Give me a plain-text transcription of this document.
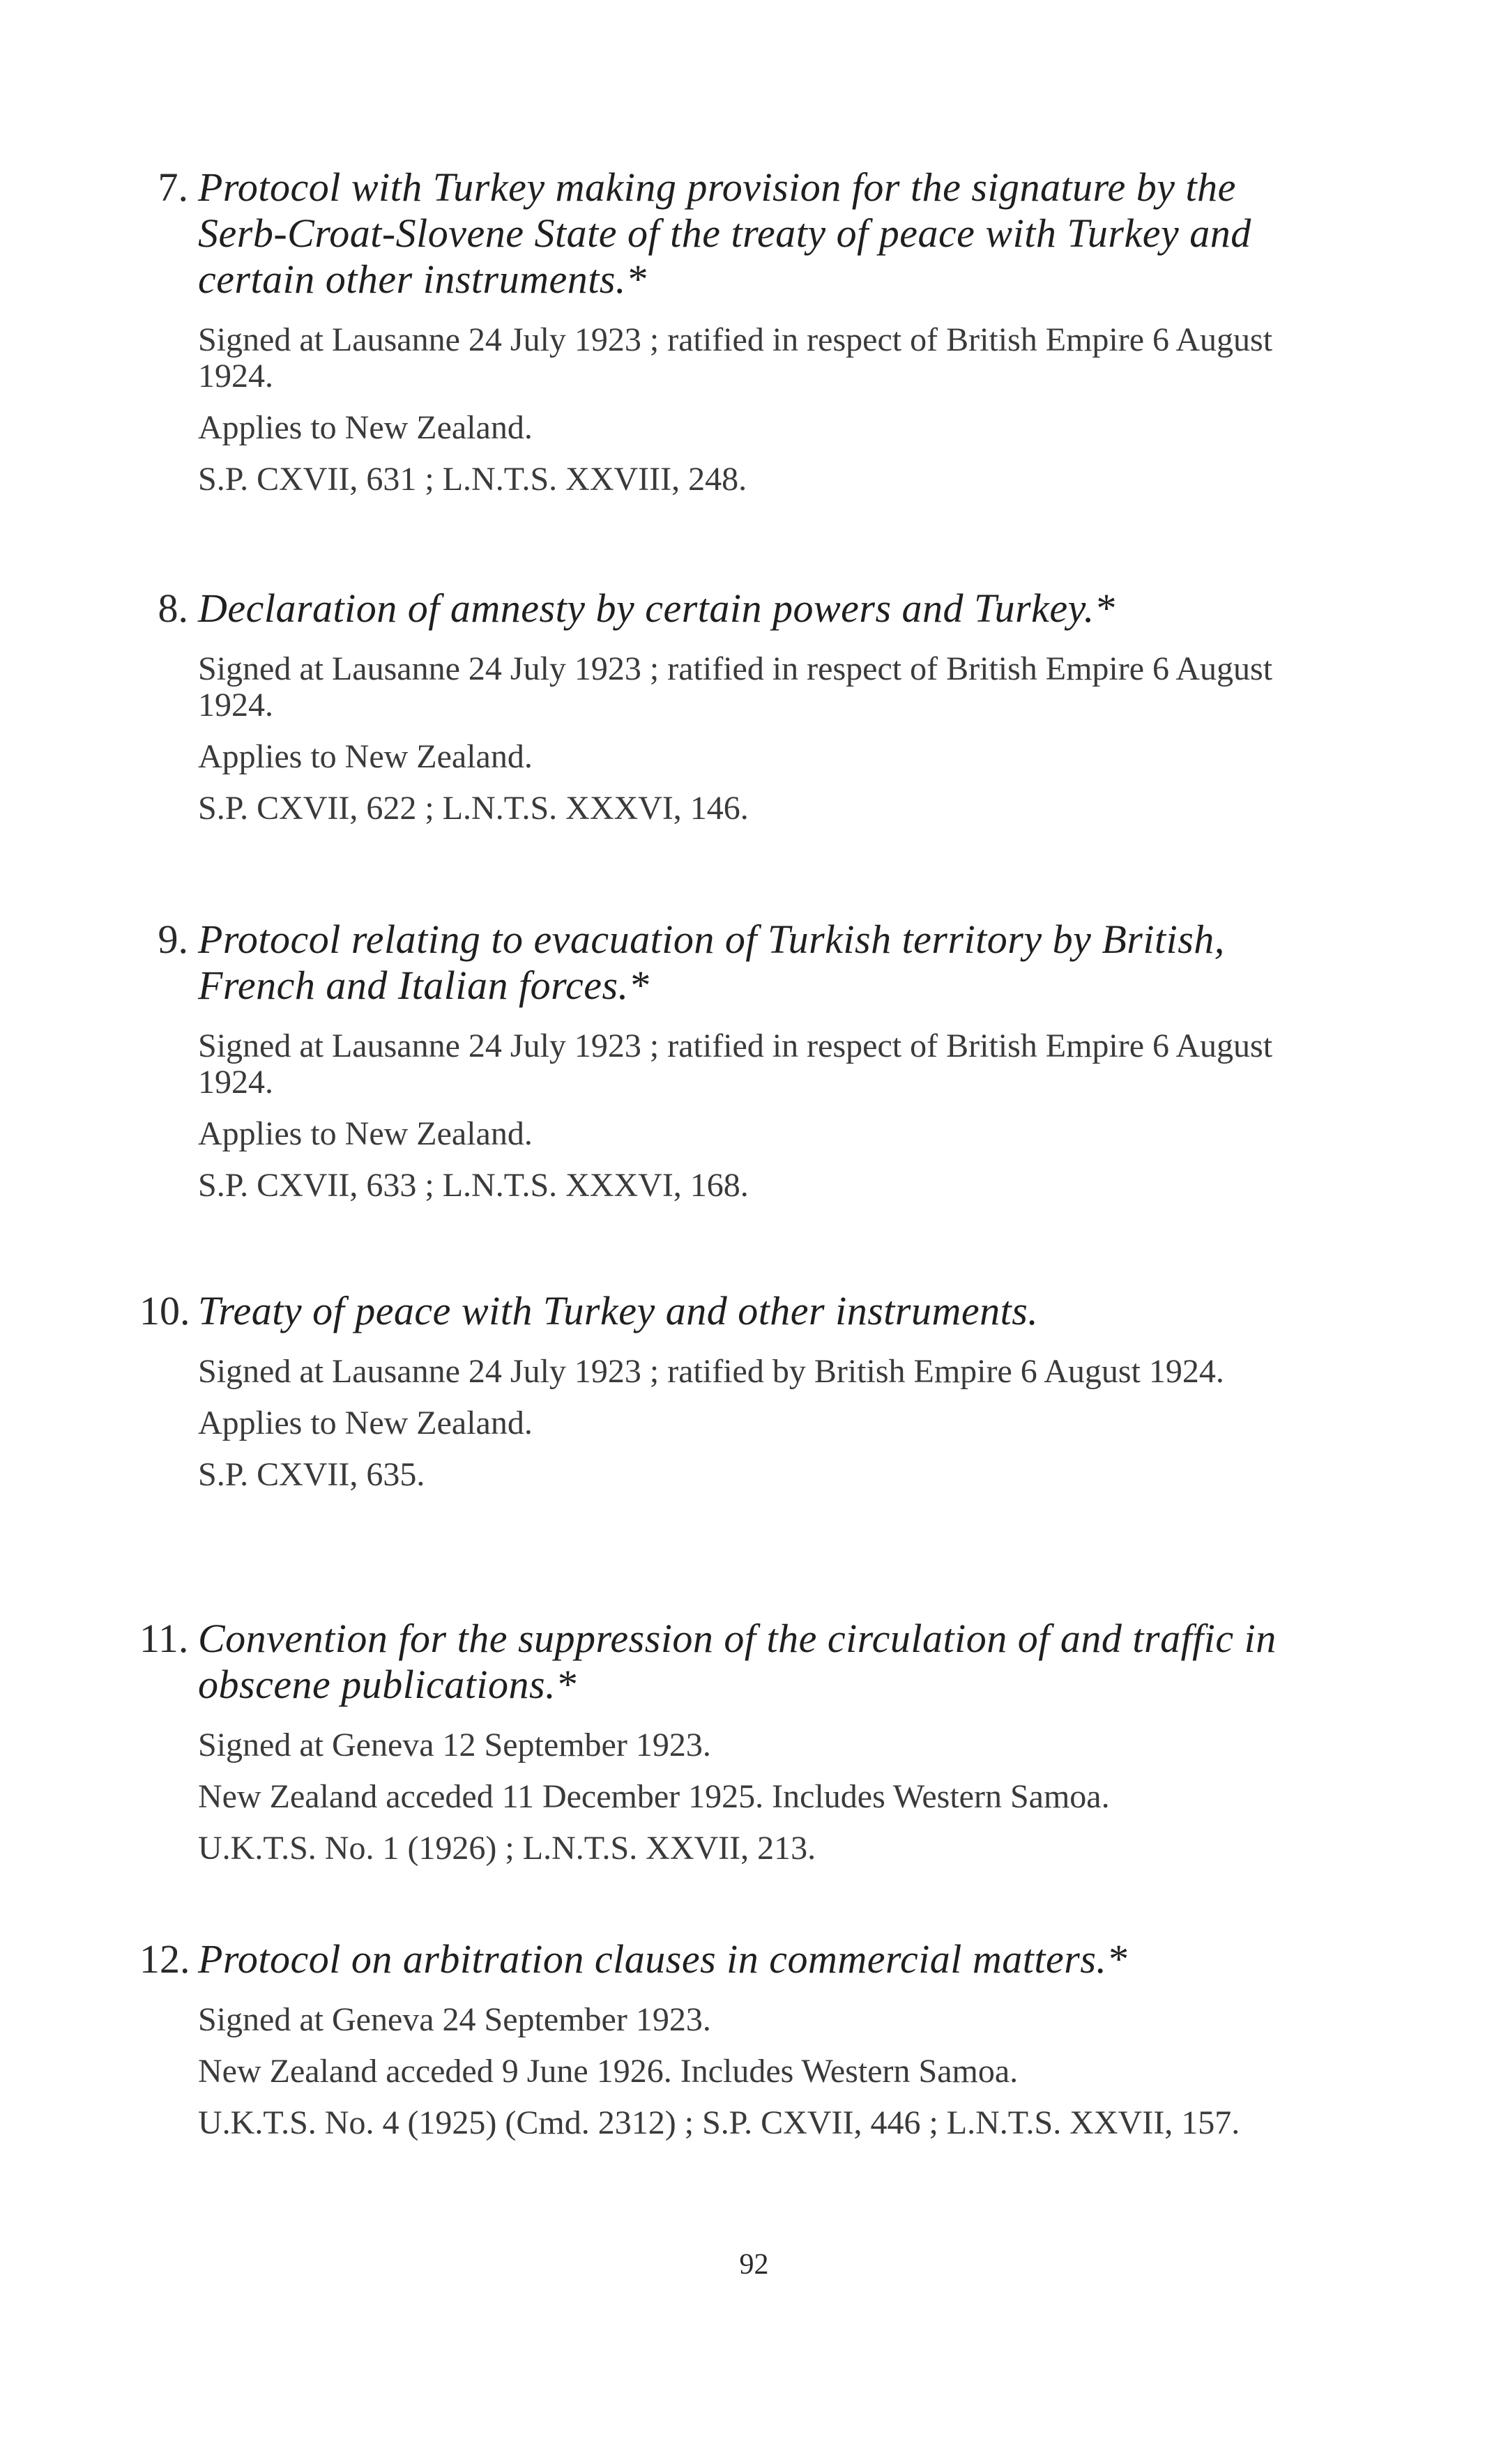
7. Protocol with Turkey making provision for the signature by the Serb-Croat-Slovene State of the treaty of peace with Turkey and certain other instruments.*

Signed at Lausanne 24 July 1923 ; ratified in respect of British Empire 6 August 1924.

Applies to New Zealand.

S.P. CXVII, 631 ; L.N.T.S. XXVIII, 248.

8. Declaration of amnesty by certain powers and Turkey.*

Signed at Lausanne 24 July 1923 ; ratified in respect of British Empire 6 August 1924.

Applies to New Zealand.

S.P. CXVII, 622 ; L.N.T.S. XXXVI, 146.

9. Protocol relating to evacuation of Turkish territory by British, French and Italian forces.*

Signed at Lausanne 24 July 1923 ; ratified in respect of British Empire 6 August 1924.

Applies to New Zealand.

S.P. CXVII, 633 ; L.N.T.S. XXXVI, 168.

10. Treaty of peace with Turkey and other instruments.

Signed at Lausanne 24 July 1923 ; ratified by British Empire 6 August 1924.

Applies to New Zealand.

S.P. CXVII, 635.

11. Convention for the suppression of the circulation of and traffic in obscene publications.*

Signed at Geneva 12 September 1923.

New Zealand acceded 11 December 1925. Includes Western Samoa.

U.K.T.S. No. 1 (1926) ; L.N.T.S. XXVII, 213.

12. Protocol on arbitration clauses in commercial matters.*

Signed at Geneva 24 September 1923.

New Zealand acceded 9 June 1926. Includes Western Samoa.

U.K.T.S. No. 4 (1925) (Cmd. 2312) ; S.P. CXVII, 446 ; L.N.T.S. XXVII, 157.

92
